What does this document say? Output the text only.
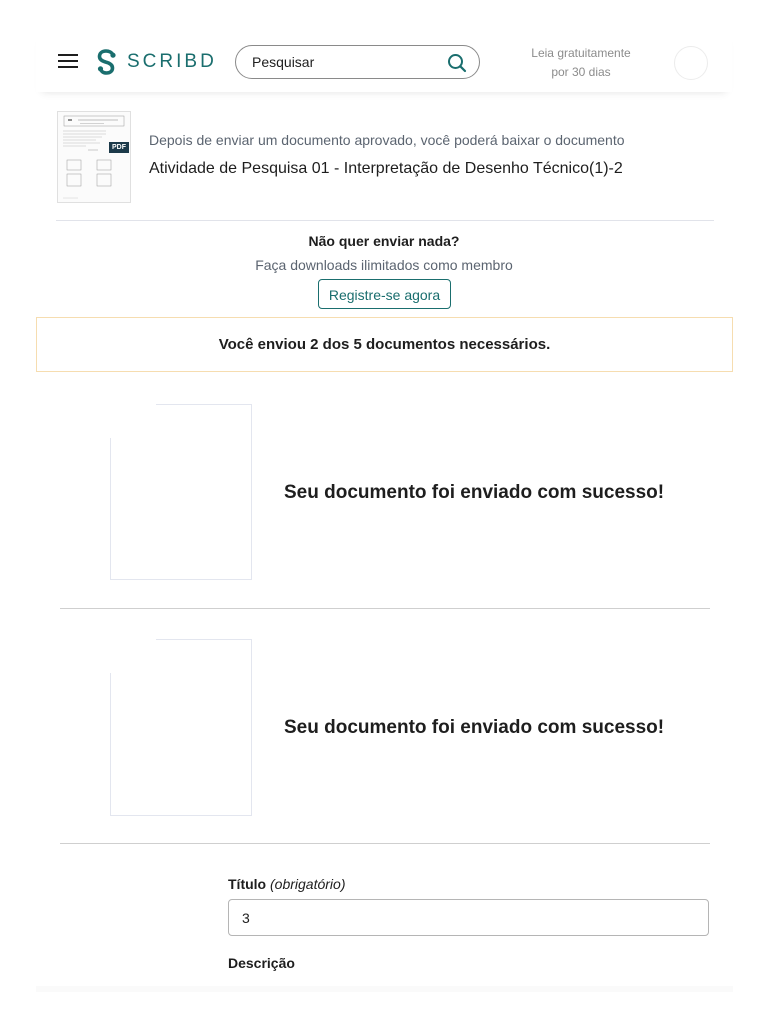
SCRIBD
Pesquisar	Leia gratuitamente
por 30 dias
PDF Depois de enviar um documento aprovado, você poderá baixar o documento
Atividade de Pesquisa 01 - Interpretação de Desenho Técnico(1)-2
Não quer enviar nada?
Faça downloads ilimitados como membro
Registre-se agora
Você enviou 2 dos 5 documentos necessários.
Seu documento foi enviado com sucesso!
Seu documento foi enviado com sucesso!
Título (obrigatório)
3
Descrição
